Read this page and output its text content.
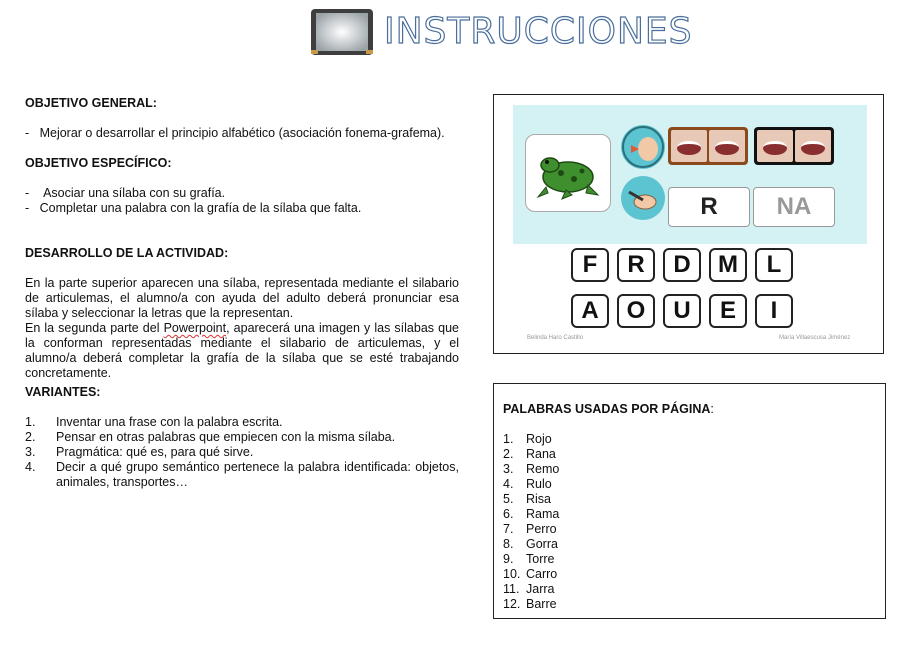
INSTRUCCIONES

OBJETIVO GENERAL:

-   Mejorar o desarrollar el principio alfabético (asociación fonema-grafema).

OBJETIVO ESPECÍFICO:

-    Asociar una sílaba con su grafía.

-   Completar una palabra con la grafía de la sílaba que falta.

DESARROLLO DE LA ACTIVIDAD:

En la parte superior aparecen una sílaba, representada mediante el silabario de articulemas, el alumno/a con ayuda del adulto deberá pronunciar esa sílaba y seleccionar la letras que la representan.

En la segunda parte del Powerpoint, aparecerá una imagen y las sílabas que la conforman representadas mediante el silabario de articulemas, y el alumno/a deberá completar la grafía de la sílaba que se esté trabajando concretamente.

VARIANTES:

1.	Inventar una frase con la palabra escrita.
2.	Pensar en otras palabras que empiecen con la misma sílaba.
3.	Pragmática: qué es, para qué sirve.
4.	Decir a qué grupo semántico pertenece la palabra identificada: objetos, animales, transportes…
R	NA
F	R	D	M	L
A	O	U	E	I
Belinda Haro Castillo	María Villaescusa Jiménez
PALABRAS USADAS POR PÁGINA:
1.	Rojo
2.	Rana
3.	Remo
4.	Rulo
5.	Risa
6.	Rama
7.	Perro
8.	Gorra
9.	Torre
10. Carro
11. Jarra
12. Barre
